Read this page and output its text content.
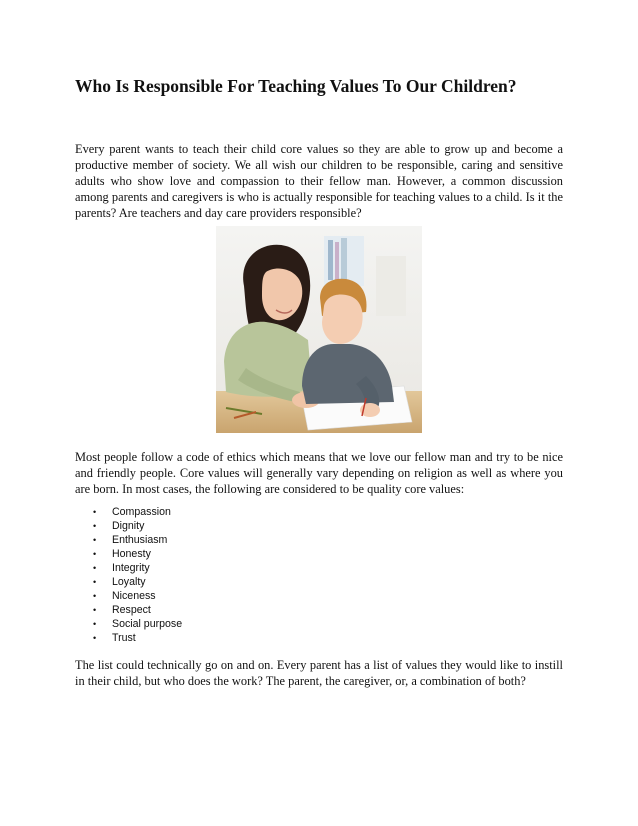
Who Is Responsible For Teaching Values To Our Children?

Every parent wants to teach their child core values so they are able to grow up and become a productive member of society. We all wish our children to be responsible, caring and sensitive adults who show love and compassion to their fellow man. However, a common discussion among parents and caregivers is who is actually responsible for teaching values to a child. Is it the parents? Are teachers and day care providers responsible?

Most people follow a code of ethics which means that we love our fellow man and try to be nice and friendly people. Core values will generally vary depending on religion as well as where you are born. In most cases, the following are considered to be quality core values:

• Compassion
• Dignity
• Enthusiasm
• Honesty
• Integrity
• Loyalty
• Niceness
• Respect
• Social purpose
• Trust

The list could technically go on and on. Every parent has a list of values they would like to instill in their child, but who does the work? The parent, the caregiver, or, a combination of both?
